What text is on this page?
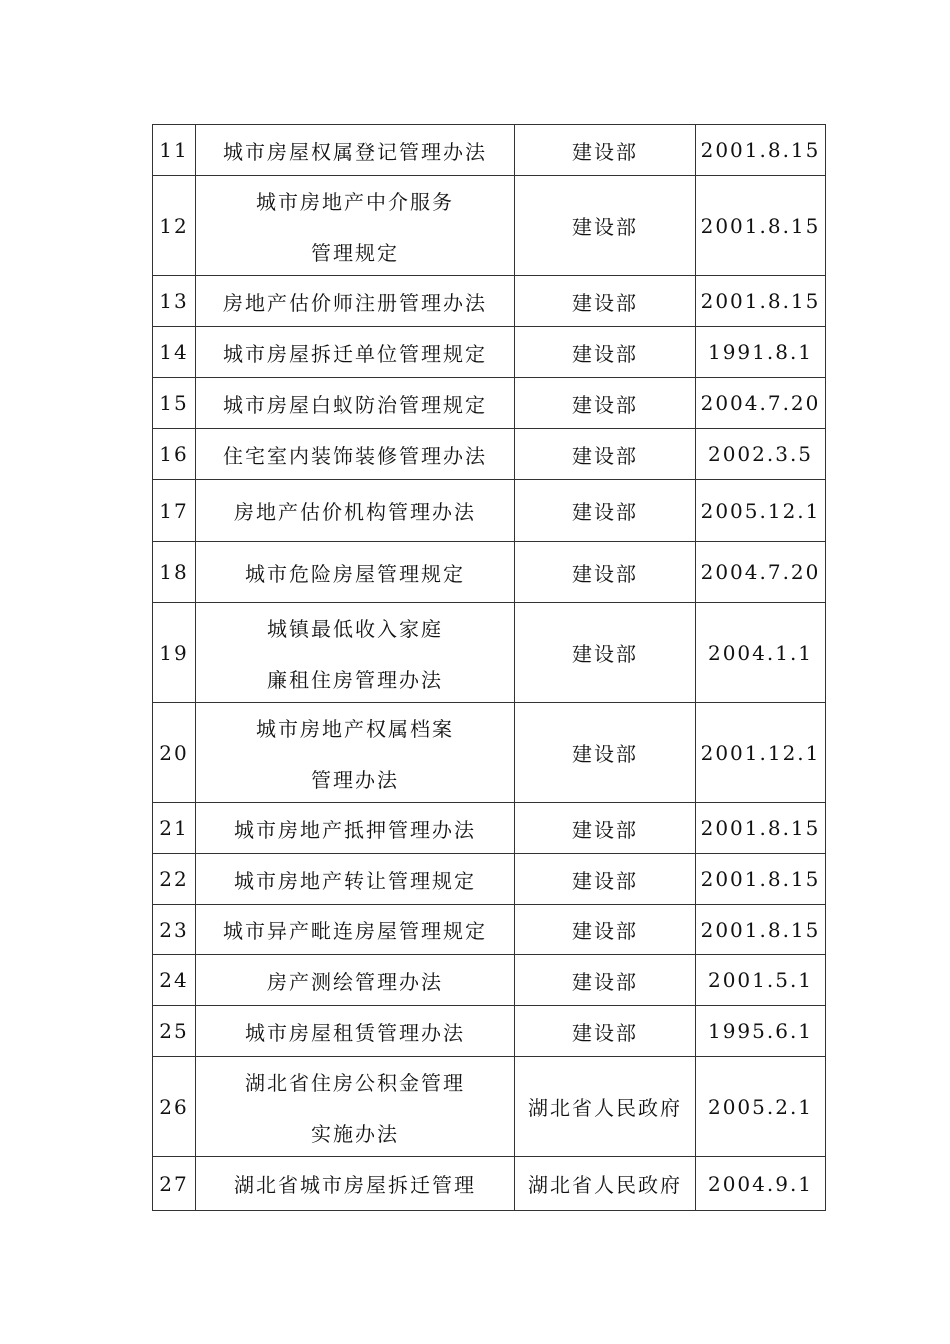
11	城市房屋权属登记管理办法	建设部	2001.8.15
12	城市房地产中介服务
管理规定	建设部	2001.8.15
13	房地产估价师注册管理办法	建设部	2001.8.15
14	城市房屋拆迁单位管理规定	建设部	1991.8.1
15	城市房屋白蚁防治管理规定	建设部	2004.7.20
16	住宅室内装饰装修管理办法	建设部	2002.3.5
17	房地产估价机构管理办法	建设部	2005.12.1
18	城市危险房屋管理规定	建设部	2004.7.20
19	城镇最低收入家庭
廉租住房管理办法	建设部	2004.1.1
20	城市房地产权属档案
管理办法	建设部	2001.12.1
21	城市房地产抵押管理办法	建设部	2001.8.15
22	城市房地产转让管理规定	建设部	2001.8.15
23	城市异产毗连房屋管理规定	建设部	2001.8.15
24	房产测绘管理办法	建设部	2001.5.1
25	城市房屋租赁管理办法	建设部	1995.6.1
26	湖北省住房公积金管理
实施办法	湖北省人民政府	2005.2.1
27	湖北省城市房屋拆迁管理	湖北省人民政府	2004.9.1
